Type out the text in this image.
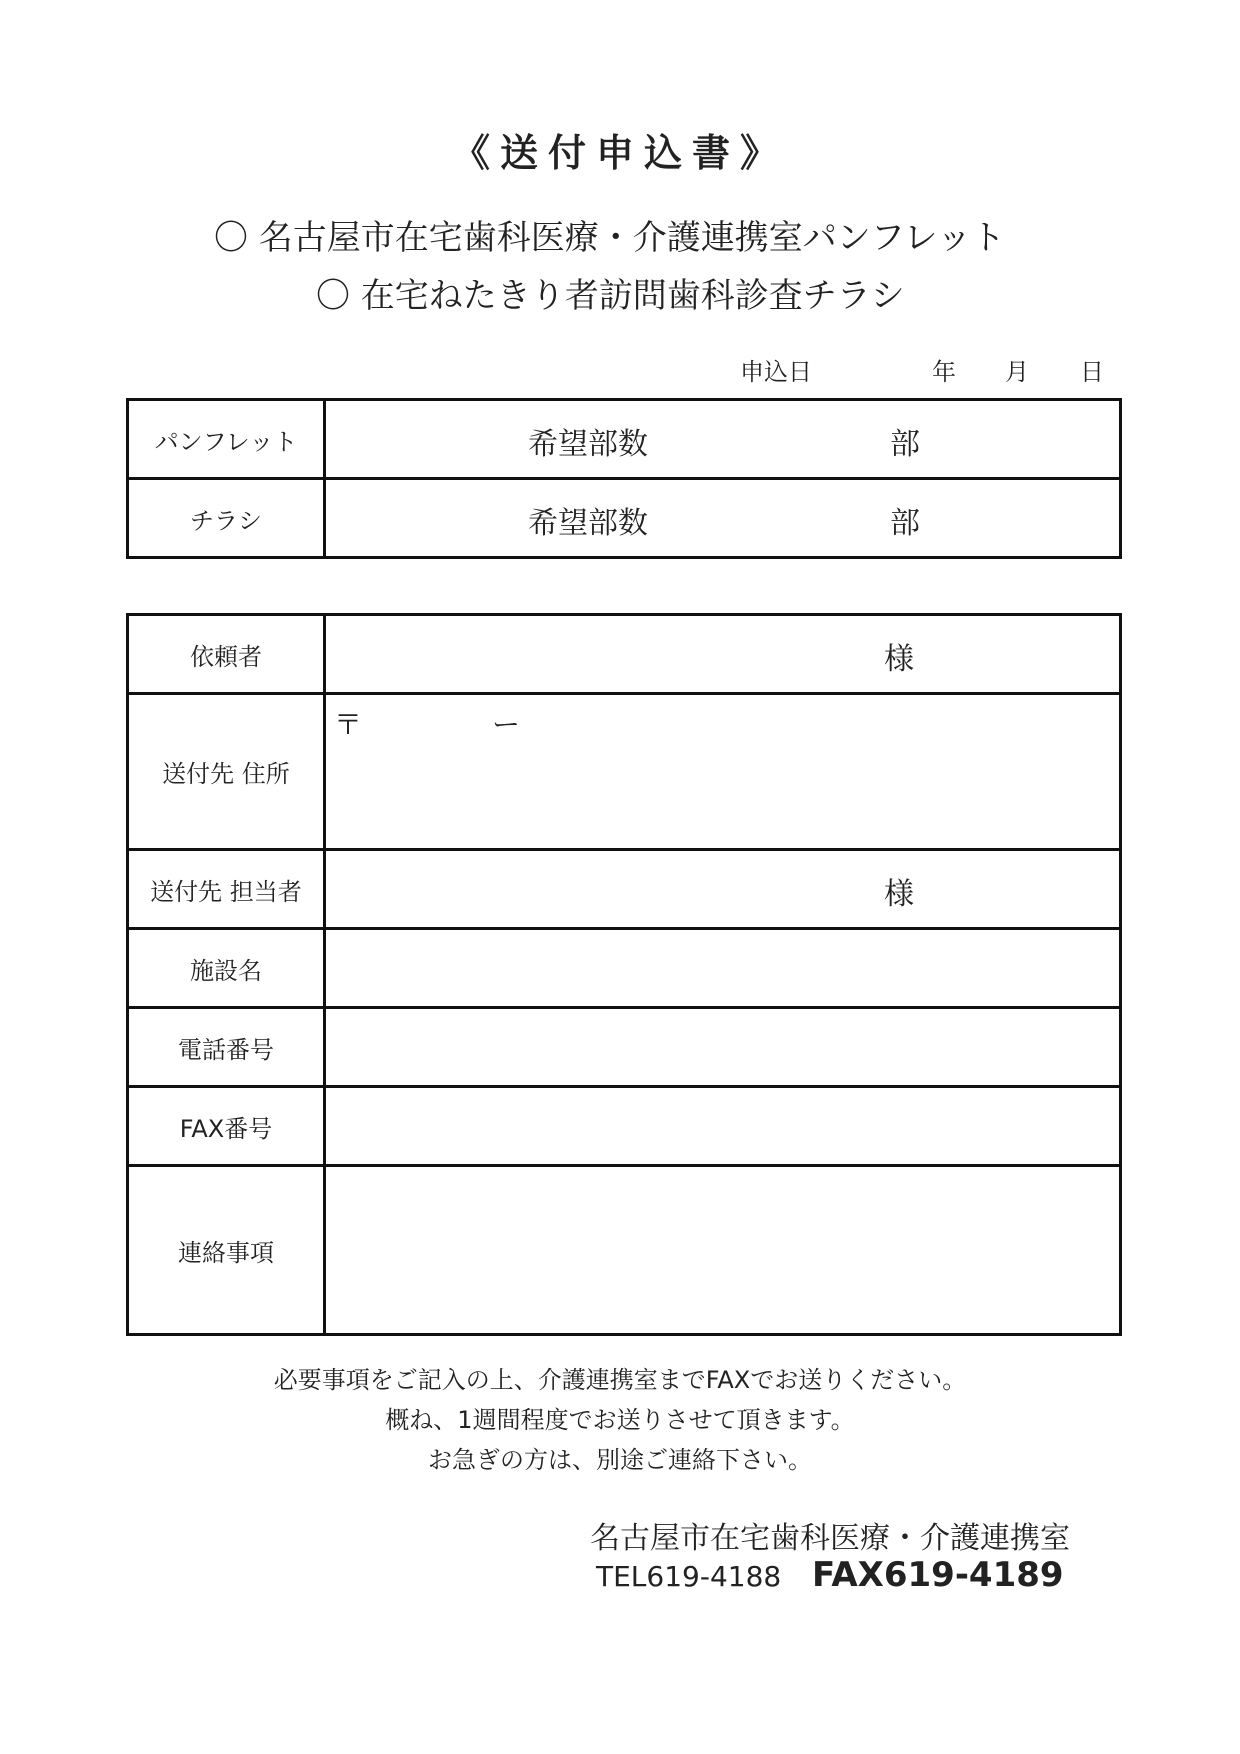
《送付申込書》
〇 名古屋市在宅歯科医療・介護連携室パンフレット
〇 在宅ねたきり者訪問歯科診査チラシ
申込日	年 月 日
パンフレット	希望部数 部

チラシ	希望部数 部
依頼者	様

送付先 住所	〒 ー

送付先 担当者	様

施設名	
電話番号	
FAX番号	
連絡事項	
必要事項をご記入の上、介護連携室までFAXでお送りください。
概ね、1週間程度でお送りさせて頂きます。
お急ぎの方は、別途ご連絡下さい。
名古屋市在宅歯科医療・介護連携室
TEL619-4188 FAX619-4189
